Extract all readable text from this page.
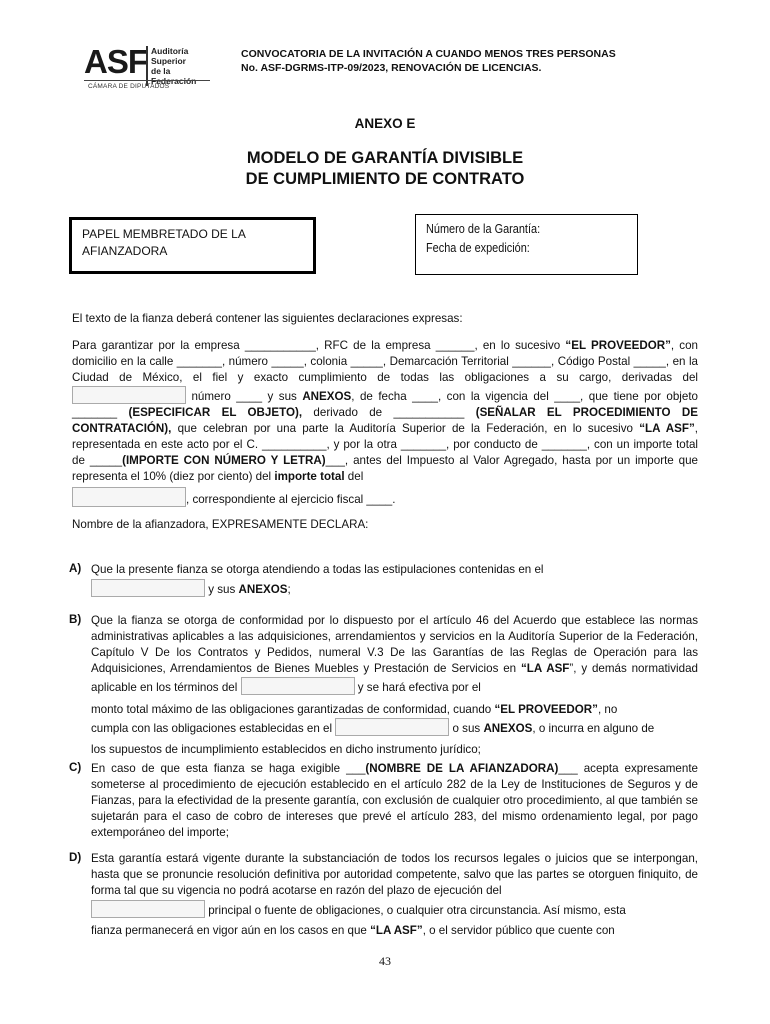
ASF Auditoría
Superior
de la Federación
CÁMARA DE DIPUTADOS
CONVOCATORIA DE LA INVITACIÓN A CUANDO MENOS TRES PERSONAS
No. ASF-DGRMS-ITP-09/2023, RENOVACIÓN DE LICENCIAS.
ANEXO E
MODELO DE GARANTÍA DIVISIBLE
DE CUMPLIMIENTO DE CONTRATO
PAPEL MEMBRETADO DE LA
AFIANZADORA
Número de la Garantía:
Fecha de expedición:
El texto de la fianza deberá contener las siguientes declaraciones expresas:
Para garantizar por la empresa ___________, RFC de la empresa ______, en lo sucesivo “EL PROVEEDOR”, con domicilio en la calle _______, número _____, colonia _____, Demarcación Territorial ______, Código Postal _____, en la Ciudad de México, el fiel y exacto cumplimiento de todas las obligaciones a su cargo, derivadas del  número ____ y sus ANEXOS, de fecha ____, con la vigencia del ____, que tiene por objeto _______ (ESPECIFICAR EL OBJETO), derivado de ___________ (SEÑALAR EL PROCEDIMIENTO DE CONTRATACIÓN), que celebran por una parte la Auditoría Superior de la Federación, en lo sucesivo “LA ASF”, representada en este acto por el C. __________, y por la otra _______, por conducto de _______, con un importe total de _____(IMPORTE CON NÚMERO Y LETRA)___, antes del Impuesto al Valor Agregado, hasta por un importe que representa el 10% (diez por ciento) del importe total del
, correspondiente al ejercicio fiscal ____.
Nombre de la afianzadora, EXPRESAMENTE DECLARA:
A) Que la presente fianza se otorga atendiendo a todas las estipulaciones contenidas en el
y sus ANEXOS;
B) Que la fianza se otorga de conformidad por lo dispuesto por el artículo 46 del Acuerdo que establece las normas administrativas aplicables a las adquisiciones, arrendamientos y servicios en la Auditoría Superior de la Federación, Capítulo V De los Contratos y Pedidos, numeral V.3 De las Garantías de las Reglas de Operación para las Adquisiciones, Arrendamientos de Bienes Muebles y Prestación de Servicios en “LA ASF”, y demás normatividad aplicable en los términos del	y se hará efectiva por el
monto total máximo de las obligaciones garantizadas de conformidad, cuando “EL PROVEEDOR”, no
cumpla con las obligaciones establecidas en el	o sus ANEXOS, o incurra en alguno de
los supuestos de incumplimiento establecidos en dicho instrumento jurídico;
C) En caso de que esta fianza se haga exigible ___(NOMBRE DE LA AFIANZADORA)___ acepta expresamente someterse al procedimiento de ejecución establecido en el artículo 282 de la Ley de Instituciones de Seguros y de Fianzas, para la efectividad de la presente garantía, con exclusión de cualquier otro procedimiento, al que también se sujetarán para el caso de cobro de intereses que prevé el artículo 283, del mismo ordenamiento legal, por pago extemporáneo del importe;
D) Esta garantía estará vigente durante la substanciación de todos los recursos legales o juicios que se interpongan, hasta que se pronuncie resolución definitiva por autoridad competente, salvo que las partes se otorguen finiquito, de forma tal que su vigencia no podrá acotarse en razón del plazo de ejecución del
principal o fuente de obligaciones, o cualquier otra circunstancia. Así mismo, esta
fianza permanecerá en vigor aún en los casos en que “LA ASF”, o el servidor público que cuente con
43
